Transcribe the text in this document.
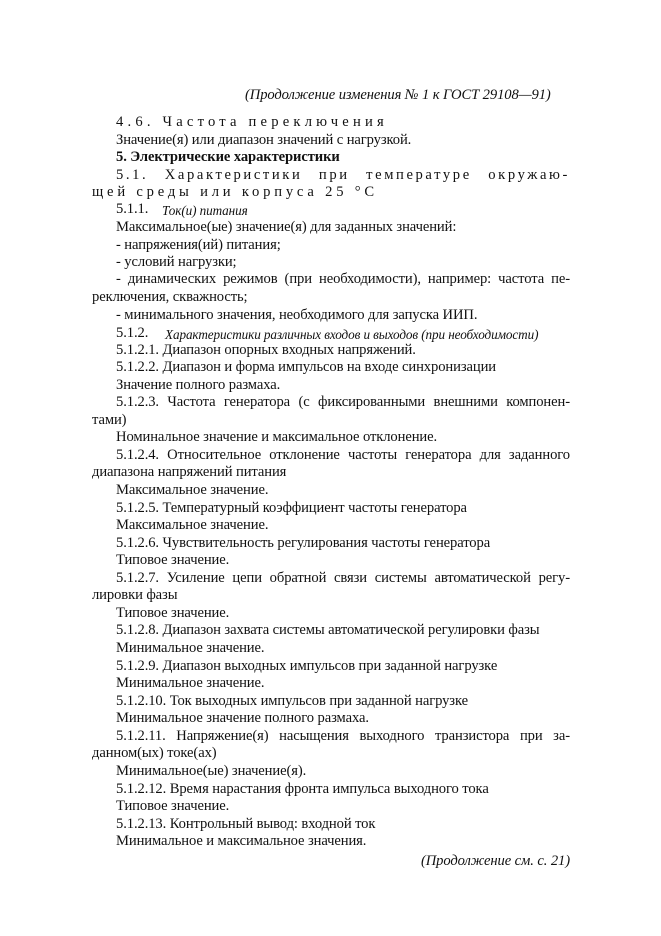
(Продолжение изменения № 1 к ГОСТ 29108—91)
4.6. Частота переключения
Значение(я) или диапазон значений с нагрузкой.
5. Электрические характеристики
5.1. Характеристики при температуре окружаю-
щей среды или корпуса 25 °С
5.1.1. Ток(и) питания
Максимальное(ые) значение(я) для заданных значений:
- напряжения(ий) питания;
- условий нагрузки;
- динамических режимов (при необходимости), например: частота пе-
реключения, скважность;
- минимального значения, необходимого для запуска ИИП.
5.1.2. Характеристики различных входов и выходов (при необходимости)
5.1.2.1. Диапазон опорных входных напряжений.
5.1.2.2. Диапазон и форма импульсов на входе синхронизации
Значение полного размаха.
5.1.2.3. Частота генератора (с фиксированными внешними компонен-
тами)
Номинальное значение и максимальное отклонение.
5.1.2.4. Относительное отклонение частоты генератора для заданного
диапазона напряжений питания
Максимальное значение.
5.1.2.5. Температурный коэффициент частоты генератора
Максимальное значение.
5.1.2.6. Чувствительность регулирования частоты генератора
Типовое значение.
5.1.2.7. Усиление цепи обратной связи системы автоматической регу-
лировки фазы
Типовое значение.
5.1.2.8. Диапазон захвата системы автоматической регулировки фазы
Минимальное значение.
5.1.2.9. Диапазон выходных импульсов при заданной нагрузке
Минимальное значение.
5.1.2.10. Ток выходных импульсов при заданной нагрузке
Минимальное значение полного размаха.
5.1.2.11. Напряжение(я) насыщения выходного транзистора при за-
данном(ых) токе(ах)
Минимальное(ые) значение(я).
5.1.2.12. Время нарастания фронта импульса выходного тока
Типовое значение.
5.1.2.13. Контрольный вывод: входной ток
Минимальное и максимальное значения.
(Продолжение см. с. 21)
